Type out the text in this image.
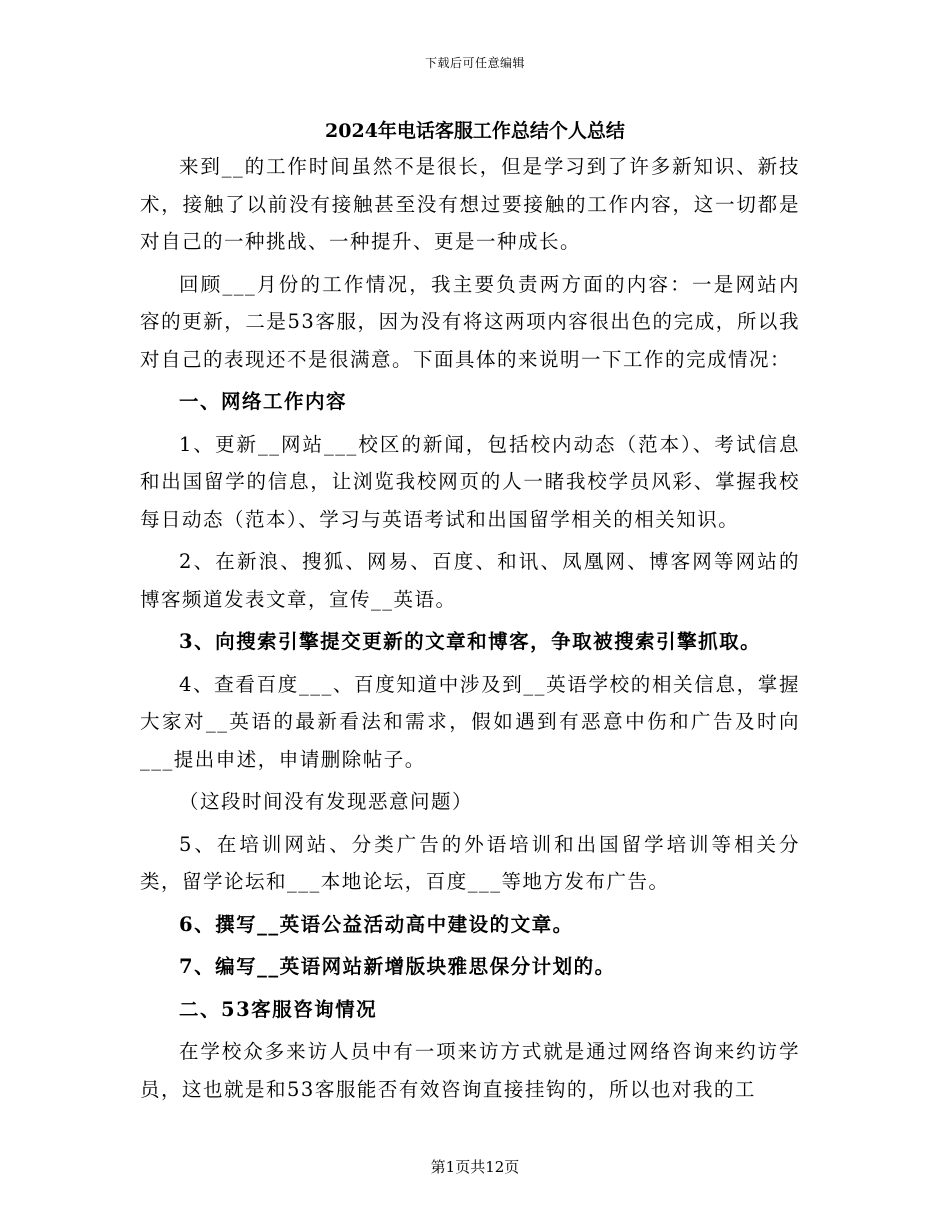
下载后可任意编辑
2024年电话客服工作总结个人总结

来到__的工作时间虽然不是很长，但是学习到了许多新知识、新技术，接触了以前没有接触甚至没有想过要接触的工作内容，这一切都是对自己的一种挑战、一种提升、更是一种成长。

回顾___月份的工作情况，我主要负责两方面的内容：一是网站内容的更新，二是53客服，因为没有将这两项内容很出色的完成，所以我对自己的表现还不是很满意。下面具体的来说明一下工作的完成情况：

一、网络工作内容

1、更新__网站___校区的新闻，包括校内动态（范本）、考试信息和出国留学的信息，让浏览我校网页的人一睹我校学员风彩、掌握我校每日动态（范本）、学习与英语考试和出国留学相关的相关知识。

2、在新浪、搜狐、网易、百度、和讯、凤凰网、博客网等网站的博客频道发表文章，宣传__英语。

3、向搜索引擎提交更新的文章和博客，争取被搜索引擎抓取。

4、查看百度___、百度知道中涉及到__英语学校的相关信息，掌握大家对__英语的最新看法和需求，假如遇到有恶意中伤和广告及时向___提出申述，申请删除帖子。

（这段时间没有发现恶意问题）

5、在培训网站、分类广告的外语培训和出国留学培训等相关分类，留学论坛和___本地论坛，百度___等地方发布广告。

6、撰写__英语公益活动高中建设的文章。

7、编写__英语网站新增版块雅思保分计划的。

二、53客服咨询情况

在学校众多来访人员中有一项来访方式就是通过网络咨询来约访学员，这也就是和53客服能否有效咨询直接挂钩的，所以也对我的工

第1页共12页
